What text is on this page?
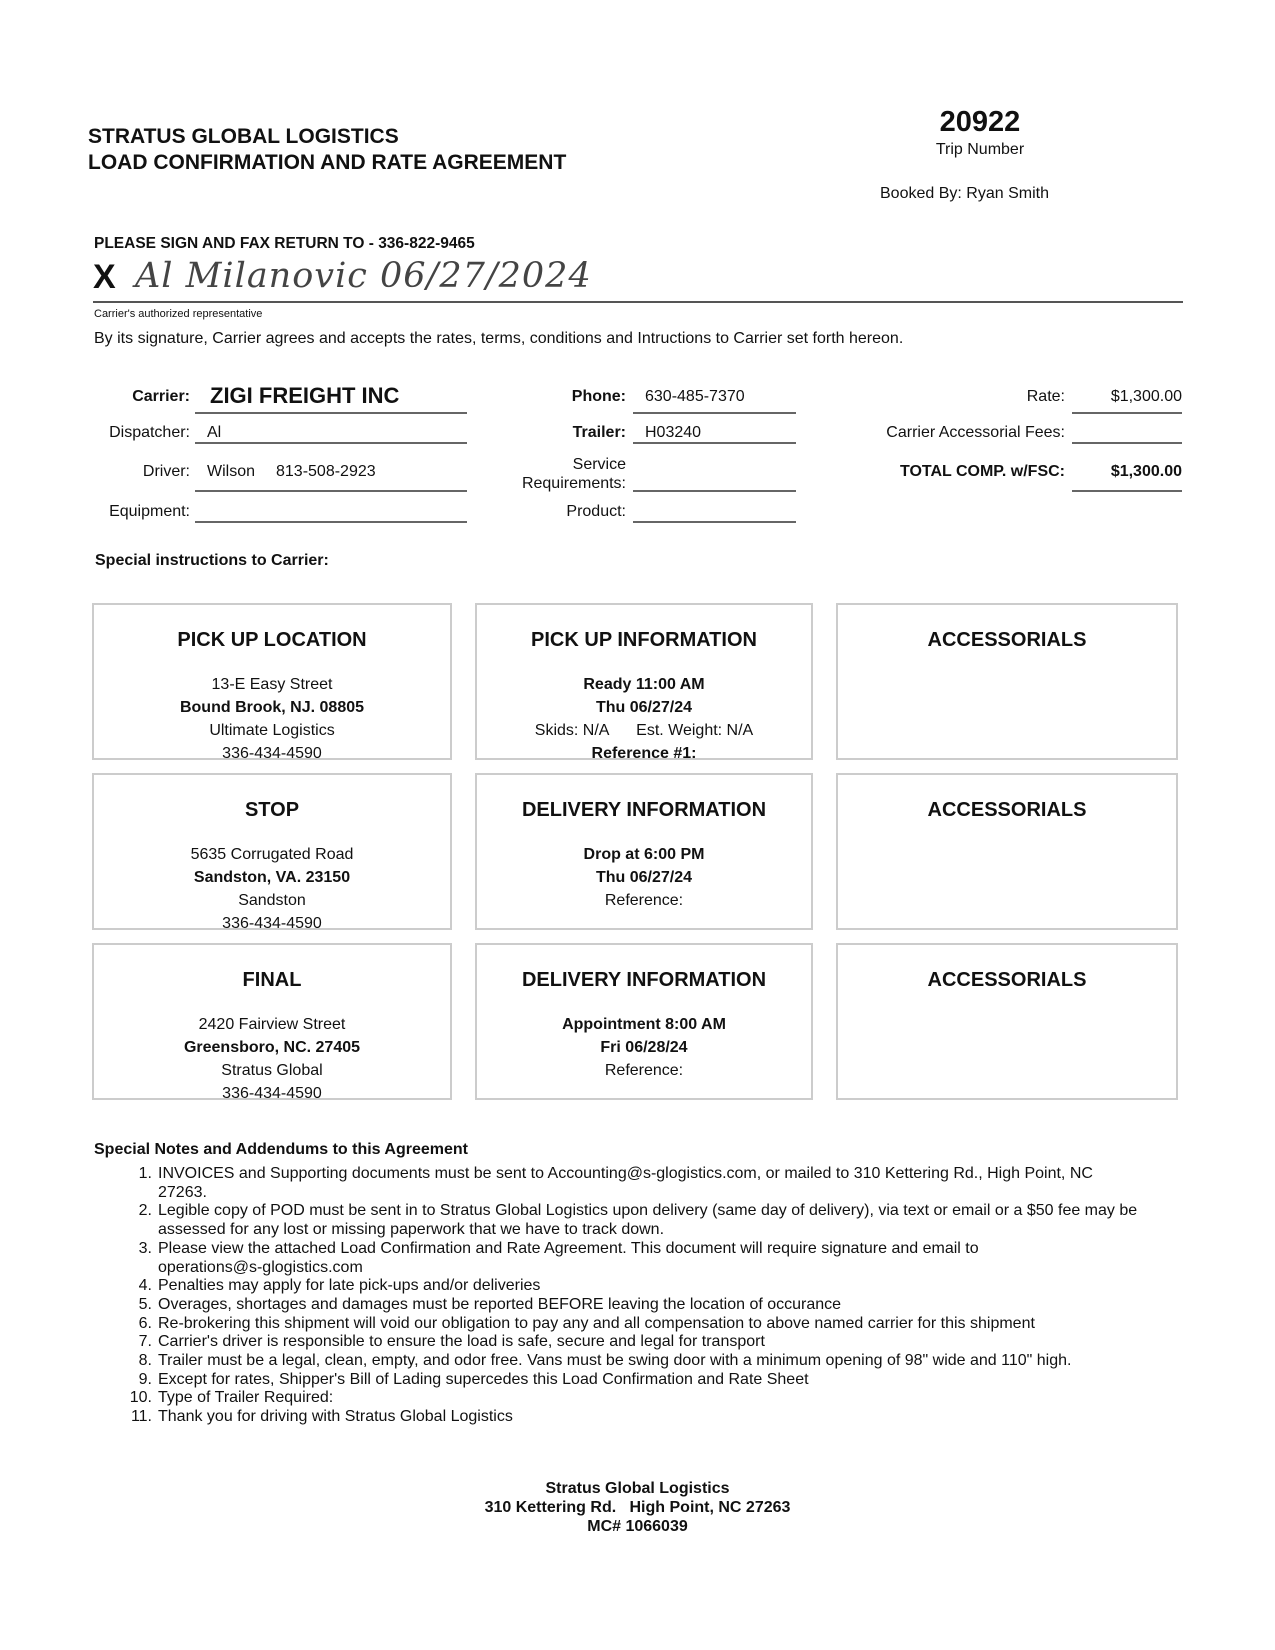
STRATUS GLOBAL LOGISTICS
LOAD CONFIRMATION AND RATE AGREEMENT
20922
Trip Number
Booked By: Ryan Smith
PLEASE SIGN AND FAX RETURN TO - 336-822-9465
X Al Milanovic 06/27/2024
Carrier's authorized representative
By its signature, Carrier agrees and accepts the rates, terms, conditions and Intructions to Carrier set forth hereon.
Carrier: ZIGI FREIGHT INC
Dispatcher: Al
Driver: Wilson 813-508-2923
Equipment:
Phone: 630-485-7370
Trailer: H03240
Service
Requirements:
Product:
Rate:	$1,300.00
Carrier Accessorial Fees:
TOTAL COMP. w/FSC:	$1,300.00
Special instructions to Carrier:
PICK UP LOCATION
13-E Easy Street
Bound Brook, NJ. 08805
Ultimate Logistics
336-434-4590
PICK UP INFORMATION
Ready 11:00 AM
Thu 06/27/24
Skids: N/A Est. Weight: N/A
Reference #1:
ACCESSORIALS
STOP
5635 Corrugated Road
Sandston, VA. 23150
Sandston
336-434-4590
DELIVERY INFORMATION
Drop at 6:00 PM
Thu 06/27/24
Reference:
ACCESSORIALS
FINAL
2420 Fairview Street
Greensboro, NC. 27405
Stratus Global
336-434-4590
DELIVERY INFORMATION
Appointment 8:00 AM
Fri 06/28/24
Reference:
ACCESSORIALS
Special Notes and Addendums to this Agreement
1. INVOICES and Supporting documents must be sent to Accounting@s-glogistics.com, or mailed to 310 Kettering Rd., High Point, NC
27263.
2. Legible copy of POD must be sent in to Stratus Global Logistics upon delivery (same day of delivery), via text or email or a $50 fee may be
assessed for any lost or missing paperwork that we have to track down.
3. Please view the attached Load Confirmation and Rate Agreement. This document will require signature and email to
operations@s-glogistics.com
4. Penalties may apply for late pick-ups and/or deliveries
5. Overages, shortages and damages must be reported BEFORE leaving the location of occurance
6. Re-brokering this shipment will void our obligation to pay any and all compensation to above named carrier for this shipment
7. Carrier's driver is responsible to ensure the load is safe, secure and legal for transport
8. Trailer must be a legal, clean, empty, and odor free. Vans must be swing door with a minimum opening of 98" wide and 110" high.
9. Except for rates, Shipper's Bill of Lading supercedes this Load Confirmation and Rate Sheet
10. Type of Trailer Required:
11. Thank you for driving with Stratus Global Logistics
Stratus Global Logistics
310 Kettering Rd.   High Point, NC 27263
MC# 1066039
